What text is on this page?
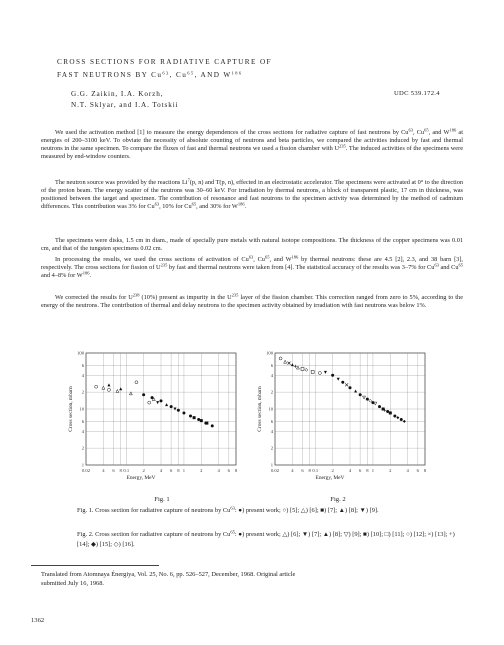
CROSS SECTIONS FOR RADIATIVE CAPTURE OF
FAST NEUTRONS BY Cu$^{63}$, Cu$^{65}$, AND $W^{186}$
G.G. Zaikin, I.A. Korzh,
N.T. Sklyar, and I.A. Totskii
UDC 539.172.4

We used the activation method [1] to measure the energy dependences of the cross sections for radiative capture of fast neutrons by Cu$^{63}$, Cu$^{65}$, and $W^{186}$ at energies of 200–3100 keV. To obviate the necessity of absolute counting of neutrons and beta particles, we compared the activities induced by fast and thermal neutrons in the same specimen. To compare the fluxes of fast and thermal neutrons we used a fission chamber with $U^{235}$. The induced activities of the specimens were measured by end-window counters.

The neutron source was provided by the reactions Li$^7$(p, n) and T(p, n), effected in an electrostatic accelerator. The specimens were activated at 0° to the direction of the proton beam. The energy scatter of the neutrons was 30–60 keV. For irradiation by thermal neutrons, a block of transparent plastic, 17 cm in thickness, was positioned between the target and specimen. The contribution of resonance and fast neutrons to the specimen activity was determined by the method of cadmium differences. This contribution was 3% for Cu$^{63}$, 10% for Cu$^{65}$, and 30% for $W^{186}$.

The specimens were disks, 1.5 cm in diam., made of specially pure metals with natural isotope compositions. The thickness of the copper specimens was 0.01 cm, and that of the tungsten specimens 0.02 cm.

In processing the results, we used the cross sections of activation of Cu$^{63}$, Cu$^{65}$, and $W^{186}$ by thermal neutrons: these are 4.5 [2], 2.3, and 38 barn [3], respectively. The cross sections for fission of $U^{235}$ by fast and thermal neutrons were taken from [4]. The statistical accuracy of the results was 3–7% for Cu$^{63}$ and Cu$^{65}$ and 4–8% for $W^{186}$.

We corrected the results for $U^{238}$ (10%) present as impurity in the $U^{235}$ layer of the fission chamber. This correction ranged from zero to 5%, according to the energy of the neutrons. The contribution of thermal and delay neutrons to the specimen activity obtained by irradiation with fast neutrons was below 1%.

0.02	4 6 8 0.1	2	4 6 8 1	2	4 6 8
100
6
4
2
10
6
4
2
1
Energy, MeV
Cross section, mbarn
Fig. 1
0.02	4 6 8 0.1	2	4 6 8 1	2	4 6 8
100
6
4
2
10
6
4
2
1
Energy, MeV
Cross section, mbarn
Fig. 2

Fig. 1. Cross section for radiative capture of neutrons by Cu$^{63}$: ●) present work; ○) [5]; △) [6]; ■) [7]; ▲) [8]; ▼) [9].

Fig. 2. Cross section for radiative capture of neutrons by Cu$^{65}$: ●) present work; △) [6]; ▼) [7]; ▲) [8]; ▽) [9]; ■) [10]; □) [11]; ○) [12]; ×) [13]; +) [14]; ◆) [15]; ◇) [16].

Translated from Atomnaya Énergiya, Vol. 25, No. 6, pp. 526–527, December, 1968. Original article
submitted July 16, 1968.
1362
